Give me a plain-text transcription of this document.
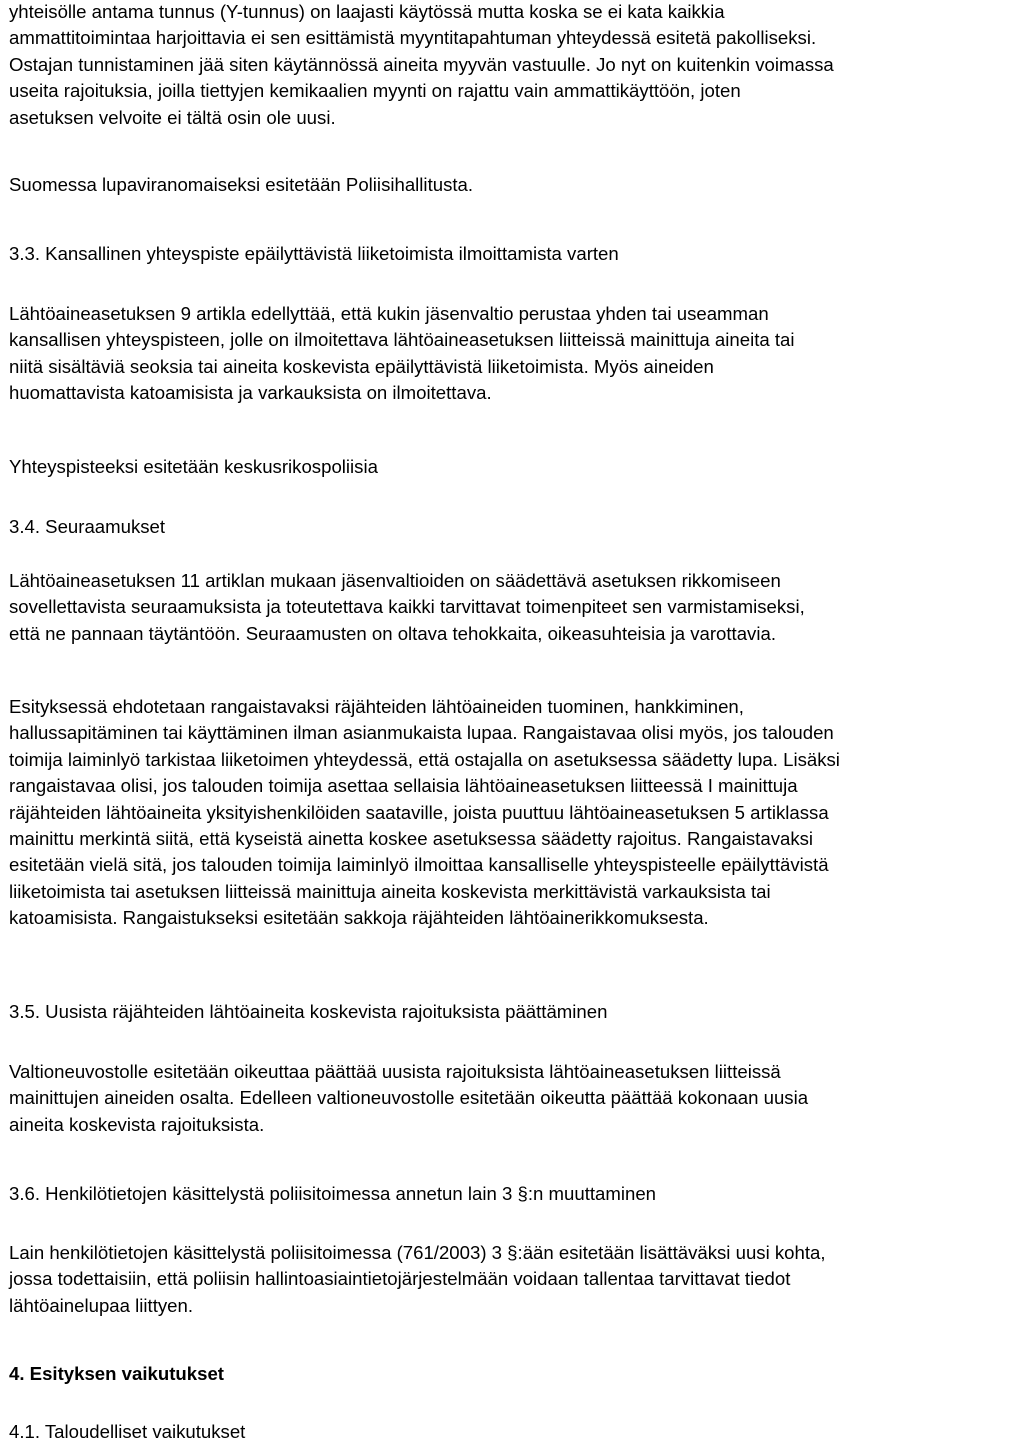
yhteisölle antama tunnus (Y-tunnus) on laajasti käytössä mutta koska se ei kata kaikkia
ammattitoimintaa harjoittavia ei sen esittämistä myyntitapahtuman yhteydessä esitetä pakolliseksi.
Ostajan tunnistaminen jää siten käytännössä aineita myyvän vastuulle. Jo nyt on kuitenkin voimassa
useita rajoituksia, joilla tiettyjen kemikaalien myynti on rajattu vain ammattikäyttöön, joten
asetuksen velvoite ei tältä osin ole uusi.
Suomessa lupaviranomaiseksi esitetään Poliisihallitusta.
3.3. Kansallinen yhteyspiste epäilyttävistä liiketoimista ilmoittamista varten
Lähtöaineasetuksen 9 artikla edellyttää, että kukin jäsenvaltio perustaa yhden tai useamman
kansallisen yhteyspisteen, jolle on ilmoitettava lähtöaineasetuksen liitteissä mainittuja aineita tai
niitä sisältäviä seoksia tai aineita koskevista epäilyttävistä liiketoimista. Myös aineiden
huomattavista katoamisista ja varkauksista on ilmoitettava.
Yhteyspisteeksi esitetään keskusrikospoliisia
3.4. Seuraamukset
Lähtöaineasetuksen 11 artiklan mukaan jäsenvaltioiden on säädettävä asetuksen rikkomiseen
sovellettavista seuraamuksista ja toteutettava kaikki tarvittavat toimenpiteet sen varmistamiseksi,
että ne pannaan täytäntöön. Seuraamusten on oltava tehokkaita, oikeasuhteisia ja varottavia.
Esityksessä ehdotetaan rangaistavaksi räjähteiden lähtöaineiden tuominen, hankkiminen,
hallussapitäminen tai käyttäminen ilman asianmukaista lupaa. Rangaistavaa olisi myös, jos talouden
toimija laiminlyö tarkistaa liiketoimen yhteydessä, että ostajalla on asetuksessa säädetty lupa. Lisäksi
rangaistavaa olisi, jos talouden toimija asettaa sellaisia lähtöaineasetuksen liitteessä I mainittuja
räjähteiden lähtöaineita yksityishenkilöiden saataville, joista puuttuu lähtöaineasetuksen 5 artiklassa
mainittu merkintä siitä, että kyseistä ainetta koskee asetuksessa säädetty rajoitus. Rangaistavaksi
esitetään vielä sitä, jos talouden toimija laiminlyö ilmoittaa kansalliselle yhteyspisteelle epäilyttävistä
liiketoimista tai asetuksen liitteissä mainittuja aineita koskevista merkittävistä varkauksista tai
katoamisista. Rangaistukseksi esitetään sakkoja räjähteiden lähtöainerikkomuksesta.
3.5. Uusista räjähteiden lähtöaineita koskevista rajoituksista päättäminen
Valtioneuvostolle esitetään oikeuttaa päättää uusista rajoituksista lähtöaineasetuksen liitteissä
mainittujen aineiden osalta. Edelleen valtioneuvostolle esitetään oikeutta päättää kokonaan uusia
aineita koskevista rajoituksista.
3.6. Henkilötietojen käsittelystä poliisitoimessa annetun lain 3 §:n muuttaminen
Lain henkilötietojen käsittelystä poliisitoimessa (761/2003) 3 §:ään esitetään lisättäväksi uusi kohta,
jossa todettaisiin, että poliisin hallintoasiaintietojärjestelmään voidaan tallentaa tarvittavat tiedot
lähtöainelupaa liittyen.
4. Esityksen vaikutukset
4.1. Taloudelliset vaikutukset
